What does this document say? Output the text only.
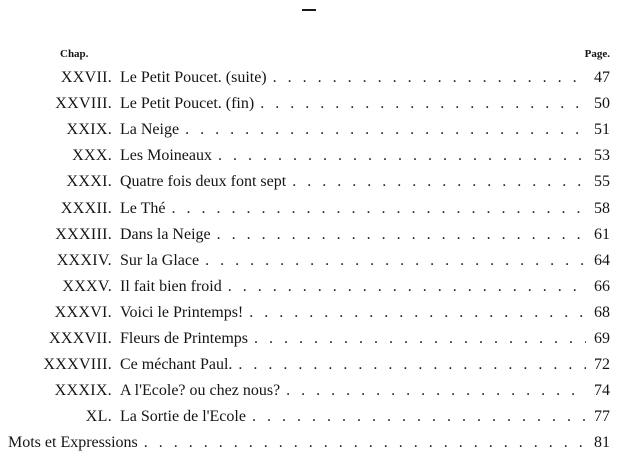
Chap.	Page.
XXVII. Le Petit Poucet. (suite) . . .	47
XXVIII. Le Petit Poucet. (fin) . . .	50
XXIX. La Neige . . .	51
XXX. Les Moineaux . . .	53
XXXI. Quatre fois deux font sept . . .	55
XXXII. Le Thé . . .	58
XXXIII. Dans la Neige . . .	61
XXXIV. Sur la Glace . . .	64
XXXV. Il fait bien froid . . .	66
XXXVI. Voici le Printemps! . . .	68
XXXVII. Fleurs de Printemps . . .	69
XXXVIII. Ce méchant Paul. . . .	72
XXXIX. A l'Ecole? ou chez nous? . . .	74
XL. La Sortie de l'Ecole . . .	77
Mots et Expressions . . .	81
